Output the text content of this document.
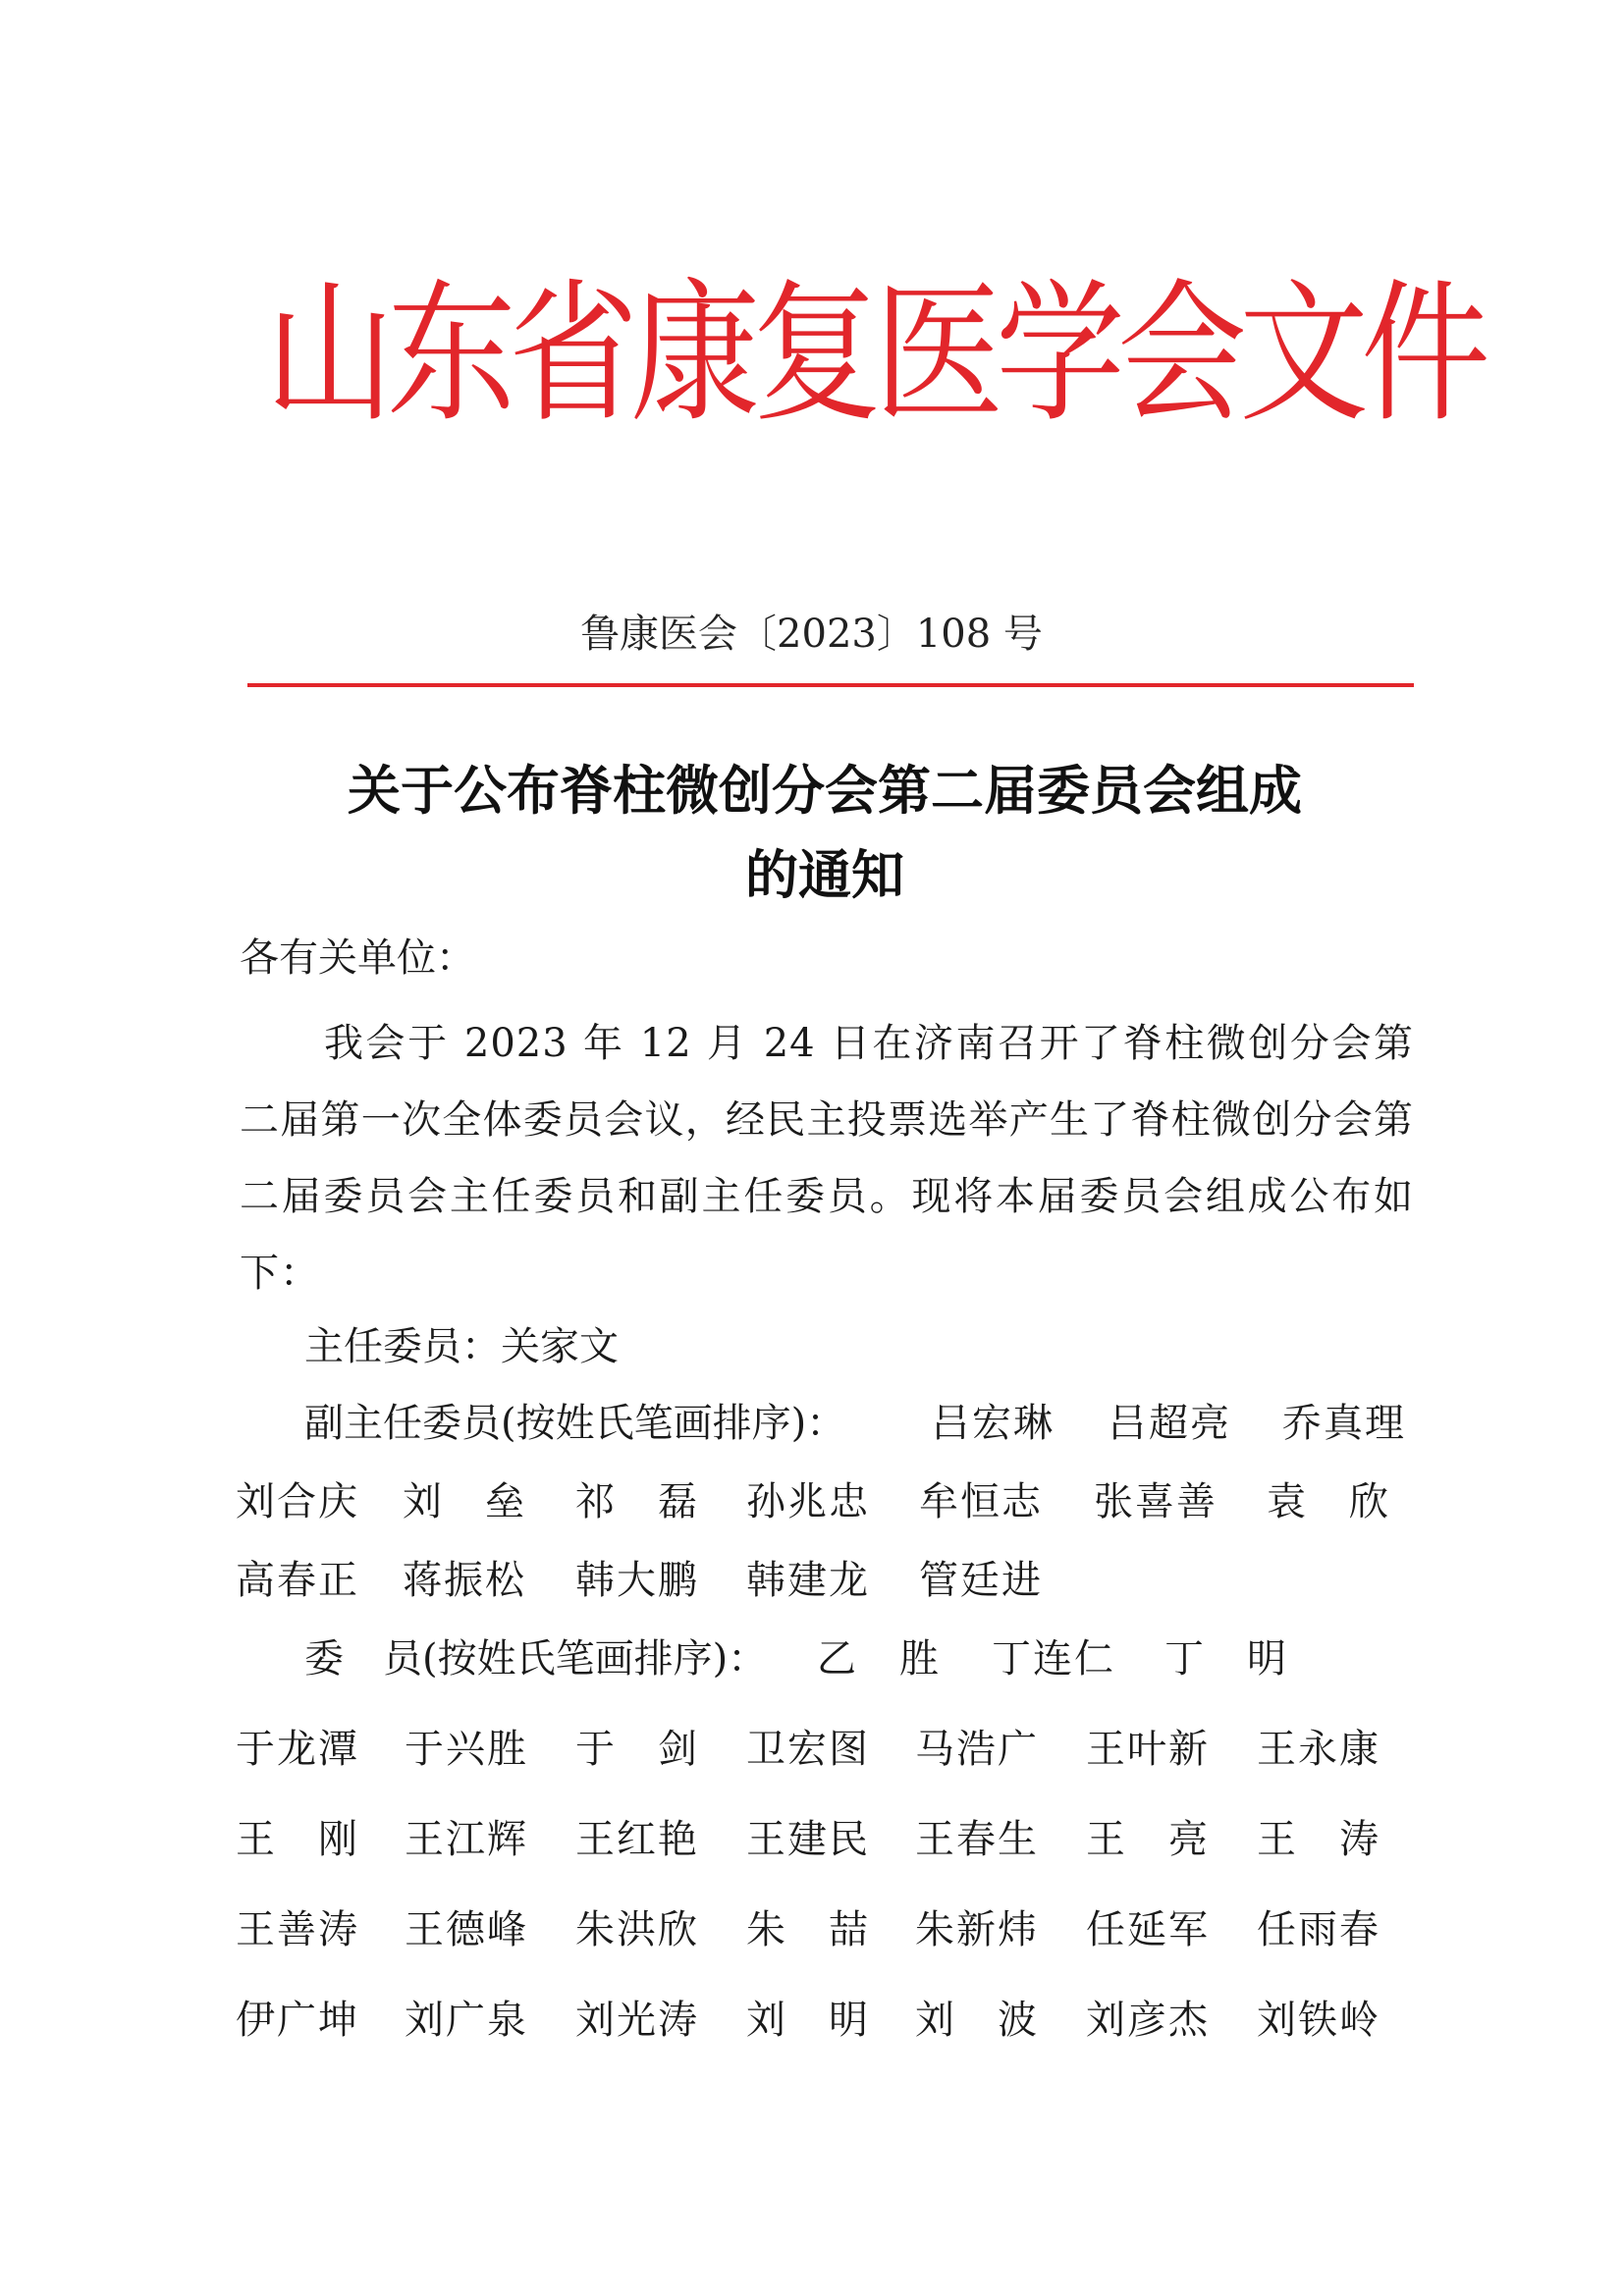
山东省康复医学会文件
鲁康医会〔2023〕108 号
关于公布脊柱微创分会第二届委员会组成
的通知
各有关单位：
我会于 2023 年 12 月 24 日在济南召开了脊柱微创分会第二届第一次全体委员会议，经民主投票选举产生了脊柱微创分会第二届委员会主任委员和副主任委员。现将本届委员会组成公布如下：
主任委员：关家文
副主任委员(按姓氏笔画排序)： 吕宏琳 吕超亮 乔真理
刘合庆 刘　垒 祁　磊 孙兆忠 牟恒志 张喜善 袁　欣
高春正 蒋振松 韩大鹏 韩建龙 管廷进
委　员(按姓氏笔画排序)： 乙　胜 丁连仁 丁　明
于龙潭 于兴胜 于　剑 卫宏图 马浩广 王叶新 王永康
王　刚 王江辉 王红艳 王建民 王春生 王　亮 王　涛
王善涛 王德峰 朱洪欣 朱　喆 朱新炜 任延军 任雨春
伊广坤 刘广泉 刘光涛 刘　明 刘　波 刘彦杰 刘铁岭
